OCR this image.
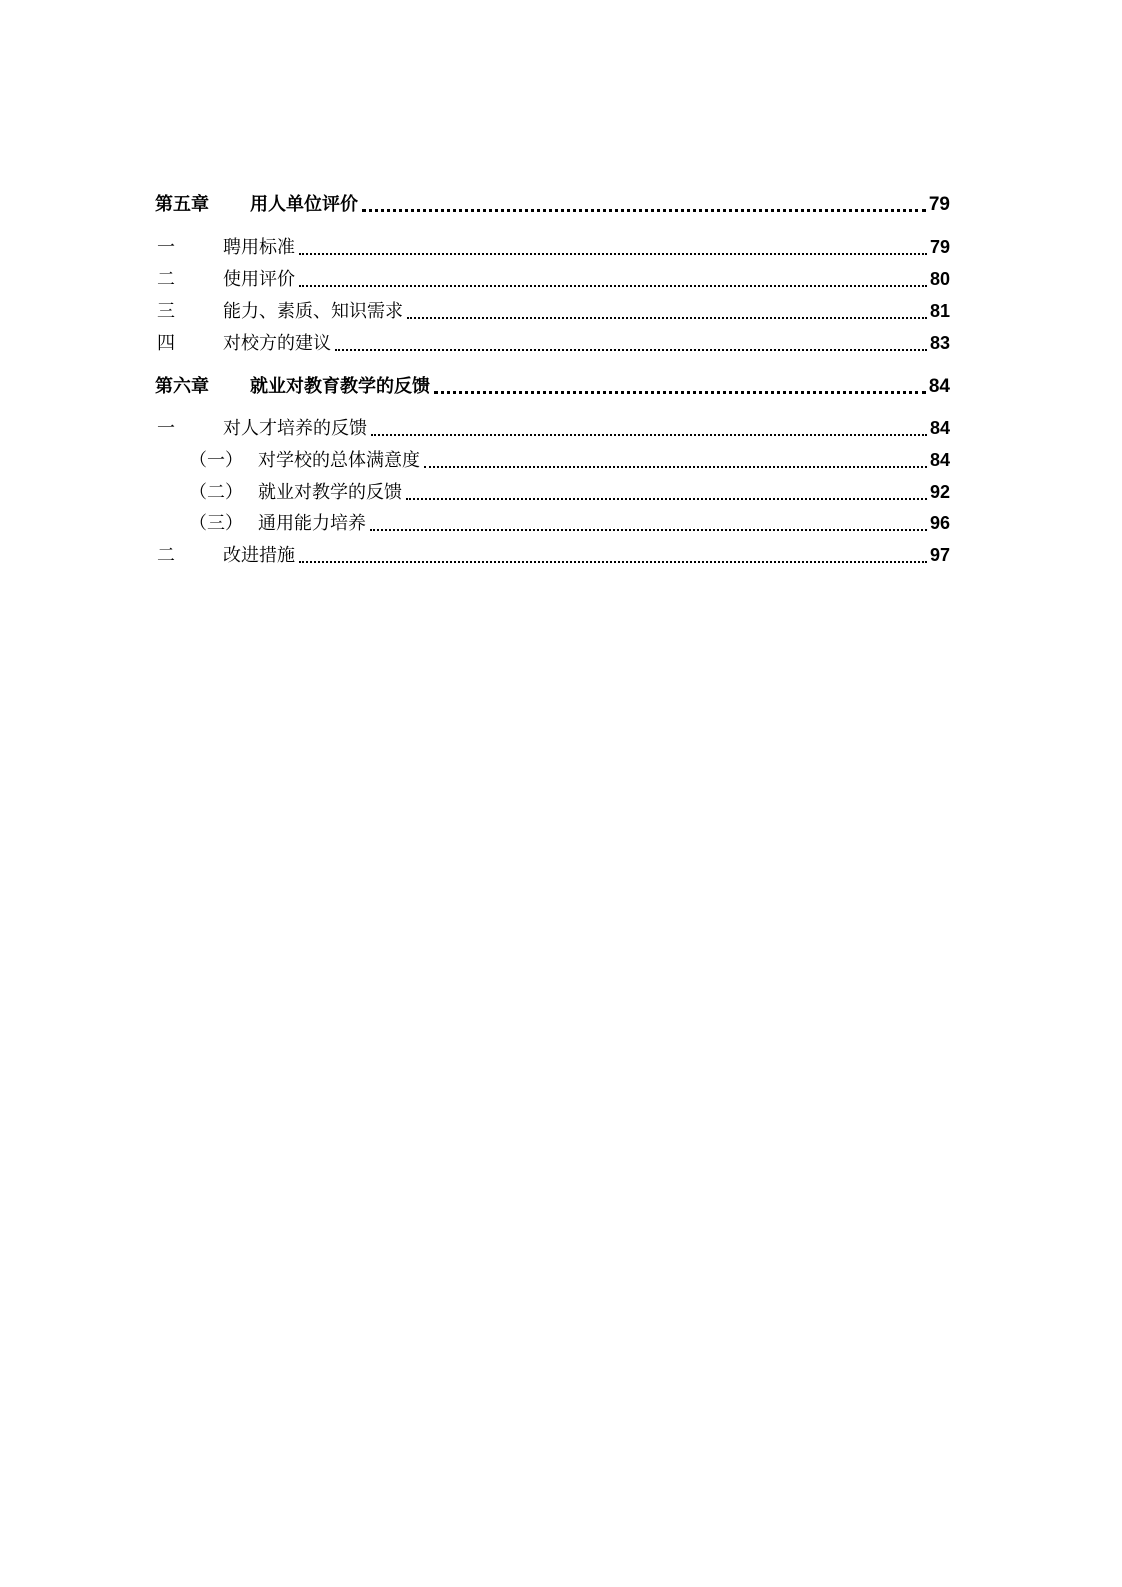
第五章	用人单位评价	79
一	聘用标准	79
二	使用评价	80
三	能力、素质、知识需求	81
四	对校方的建议	83
第六章	就业对教育教学的反馈	84
一	对人才培养的反馈	84
（一） 对学校的总体满意度	84
（二） 就业对教学的反馈	92
（三） 通用能力培养	96
二	改进措施	97
